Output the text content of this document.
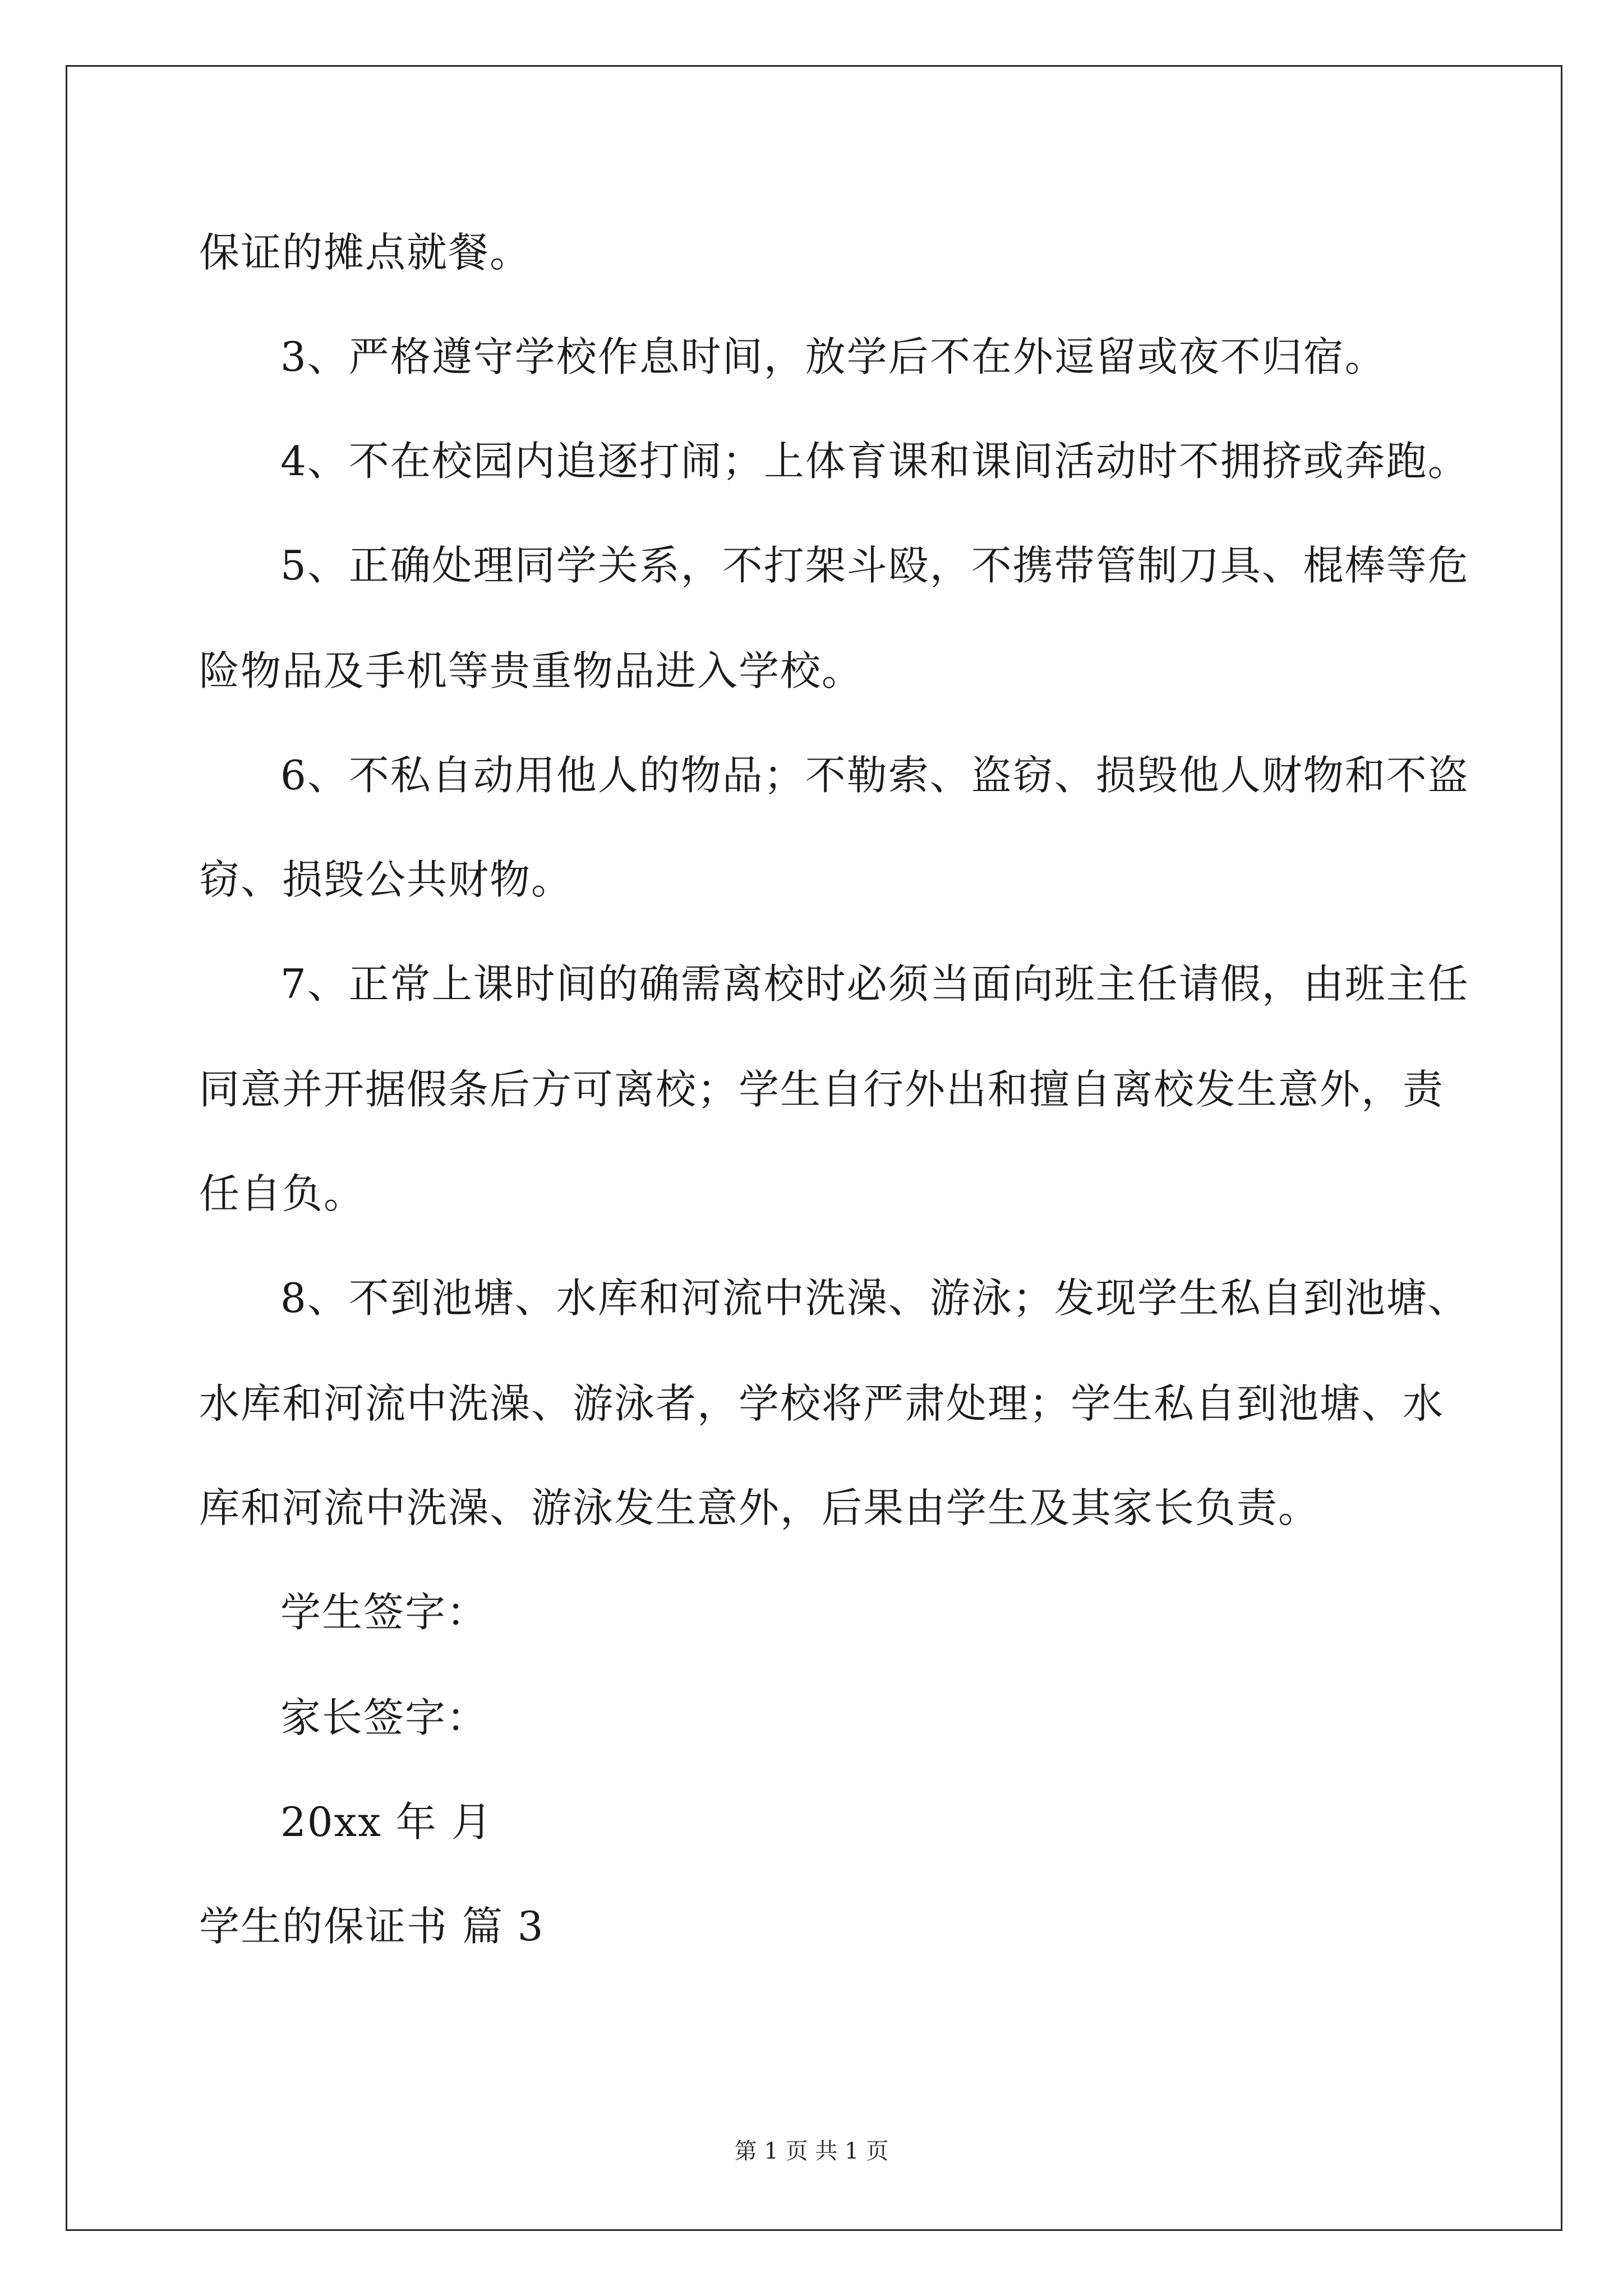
保证的摊点就餐。
3、严格遵守学校作息时间，放学后不在外逗留或夜不归宿。
4、不在校园内追逐打闹；上体育课和课间活动时不拥挤或奔跑。
5、正确处理同学关系，不打架斗殴，不携带管制刀具、棍棒等危
险物品及手机等贵重物品进入学校。
6、不私自动用他人的物品；不勒索、盗窃、损毁他人财物和不盗
窃、损毁公共财物。
7、正常上课时间的确需离校时必须当面向班主任请假，由班主任
同意并开据假条后方可离校；学生自行外出和擅自离校发生意外，责
任自负。
8、不到池塘、水库和河流中洗澡、游泳；发现学生私自到池塘、
水库和河流中洗澡、游泳者，学校将严肃处理；学生私自到池塘、水
库和河流中洗澡、游泳发生意外，后果由学生及其家长负责。
学生签字：
家长签字：
20xx 年 月
学生的保证书 篇 3
第 1 页 共 1 页
